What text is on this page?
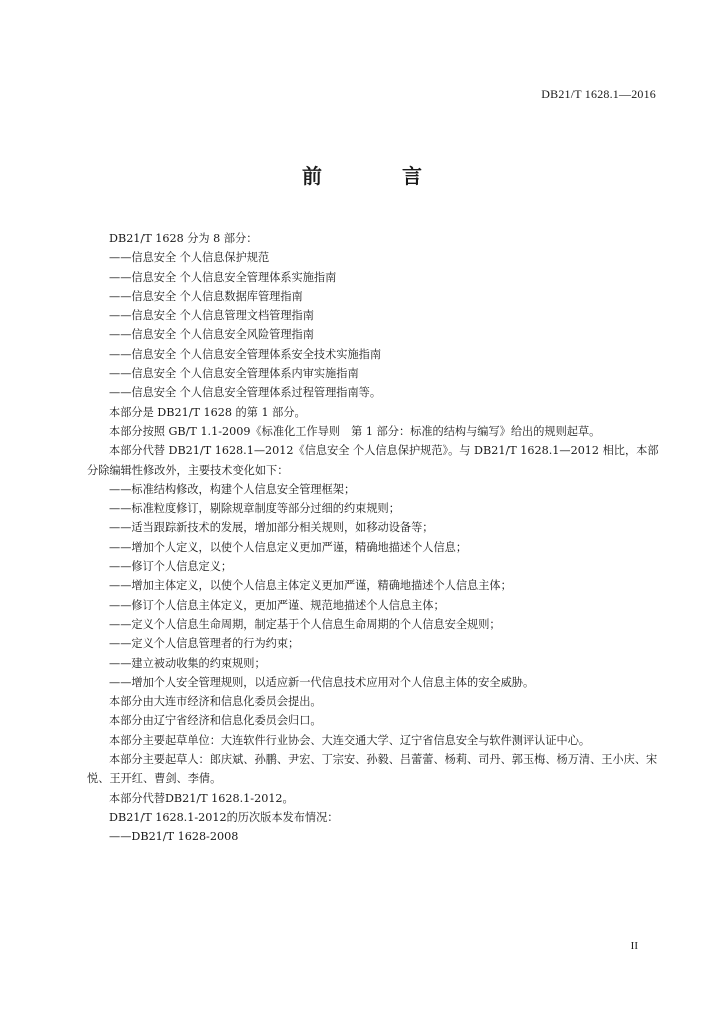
DB21/T 1628.1—2016
前　言
DB21/T 1628 分为 8 部分：
——信息安全 个人信息保护规范
——信息安全 个人信息安全管理体系实施指南
——信息安全 个人信息数据库管理指南
——信息安全 个人信息管理文档管理指南
——信息安全 个人信息安全风险管理指南
——信息安全 个人信息安全管理体系安全技术实施指南
——信息安全 个人信息安全管理体系内审实施指南
——信息安全 个人信息安全管理体系过程管理指南等。
本部分是 DB21/T 1628 的第 1 部分。
本部分按照 GB/T 1.1-2009《标准化工作导则　第 1 部分：标准的结构与编写》给出的规则起草。
本部分代替 DB21/T 1628.1—2012《信息安全 个人信息保护规范》。与 DB21/T 1628.1—2012 相比，本部分除编辑性修改外，主要技术变化如下：
——标准结构修改，构建个人信息安全管理框架；
——标准粒度修订，剔除规章制度等部分过细的约束规则；
——适当跟踪新技术的发展，增加部分相关规则，如移动设备等；
——增加个人定义，以使个人信息定义更加严谨，精确地描述个人信息；
——修订个人信息定义；
——增加主体定义，以使个人信息主体定义更加严谨，精确地描述个人信息主体；
——修订个人信息主体定义，更加严谨、规范地描述个人信息主体；
——定义个人信息生命周期，制定基于个人信息生命周期的个人信息安全规则；
——定义个人信息管理者的行为约束；
——建立被动收集的约束规则；
——增加个人安全管理规则，以适应新一代信息技术应用对个人信息主体的安全威胁。
本部分由大连市经济和信息化委员会提出。
本部分由辽宁省经济和信息化委员会归口。
本部分主要起草单位：大连软件行业协会、大连交通大学、辽宁省信息安全与软件测评认证中心。
本部分主要起草人：郎庆斌、孙鹏、尹宏、丁宗安、孙毅、吕蕾蕾、杨莉、司丹、郭玉梅、杨万清、王小庆、宋悦、王开红、曹剑、李倩。
本部分代替DB21/T 1628.1-2012。
DB21/T 1628.1-2012的历次版本发布情况：
——DB21/T 1628-2008
II
